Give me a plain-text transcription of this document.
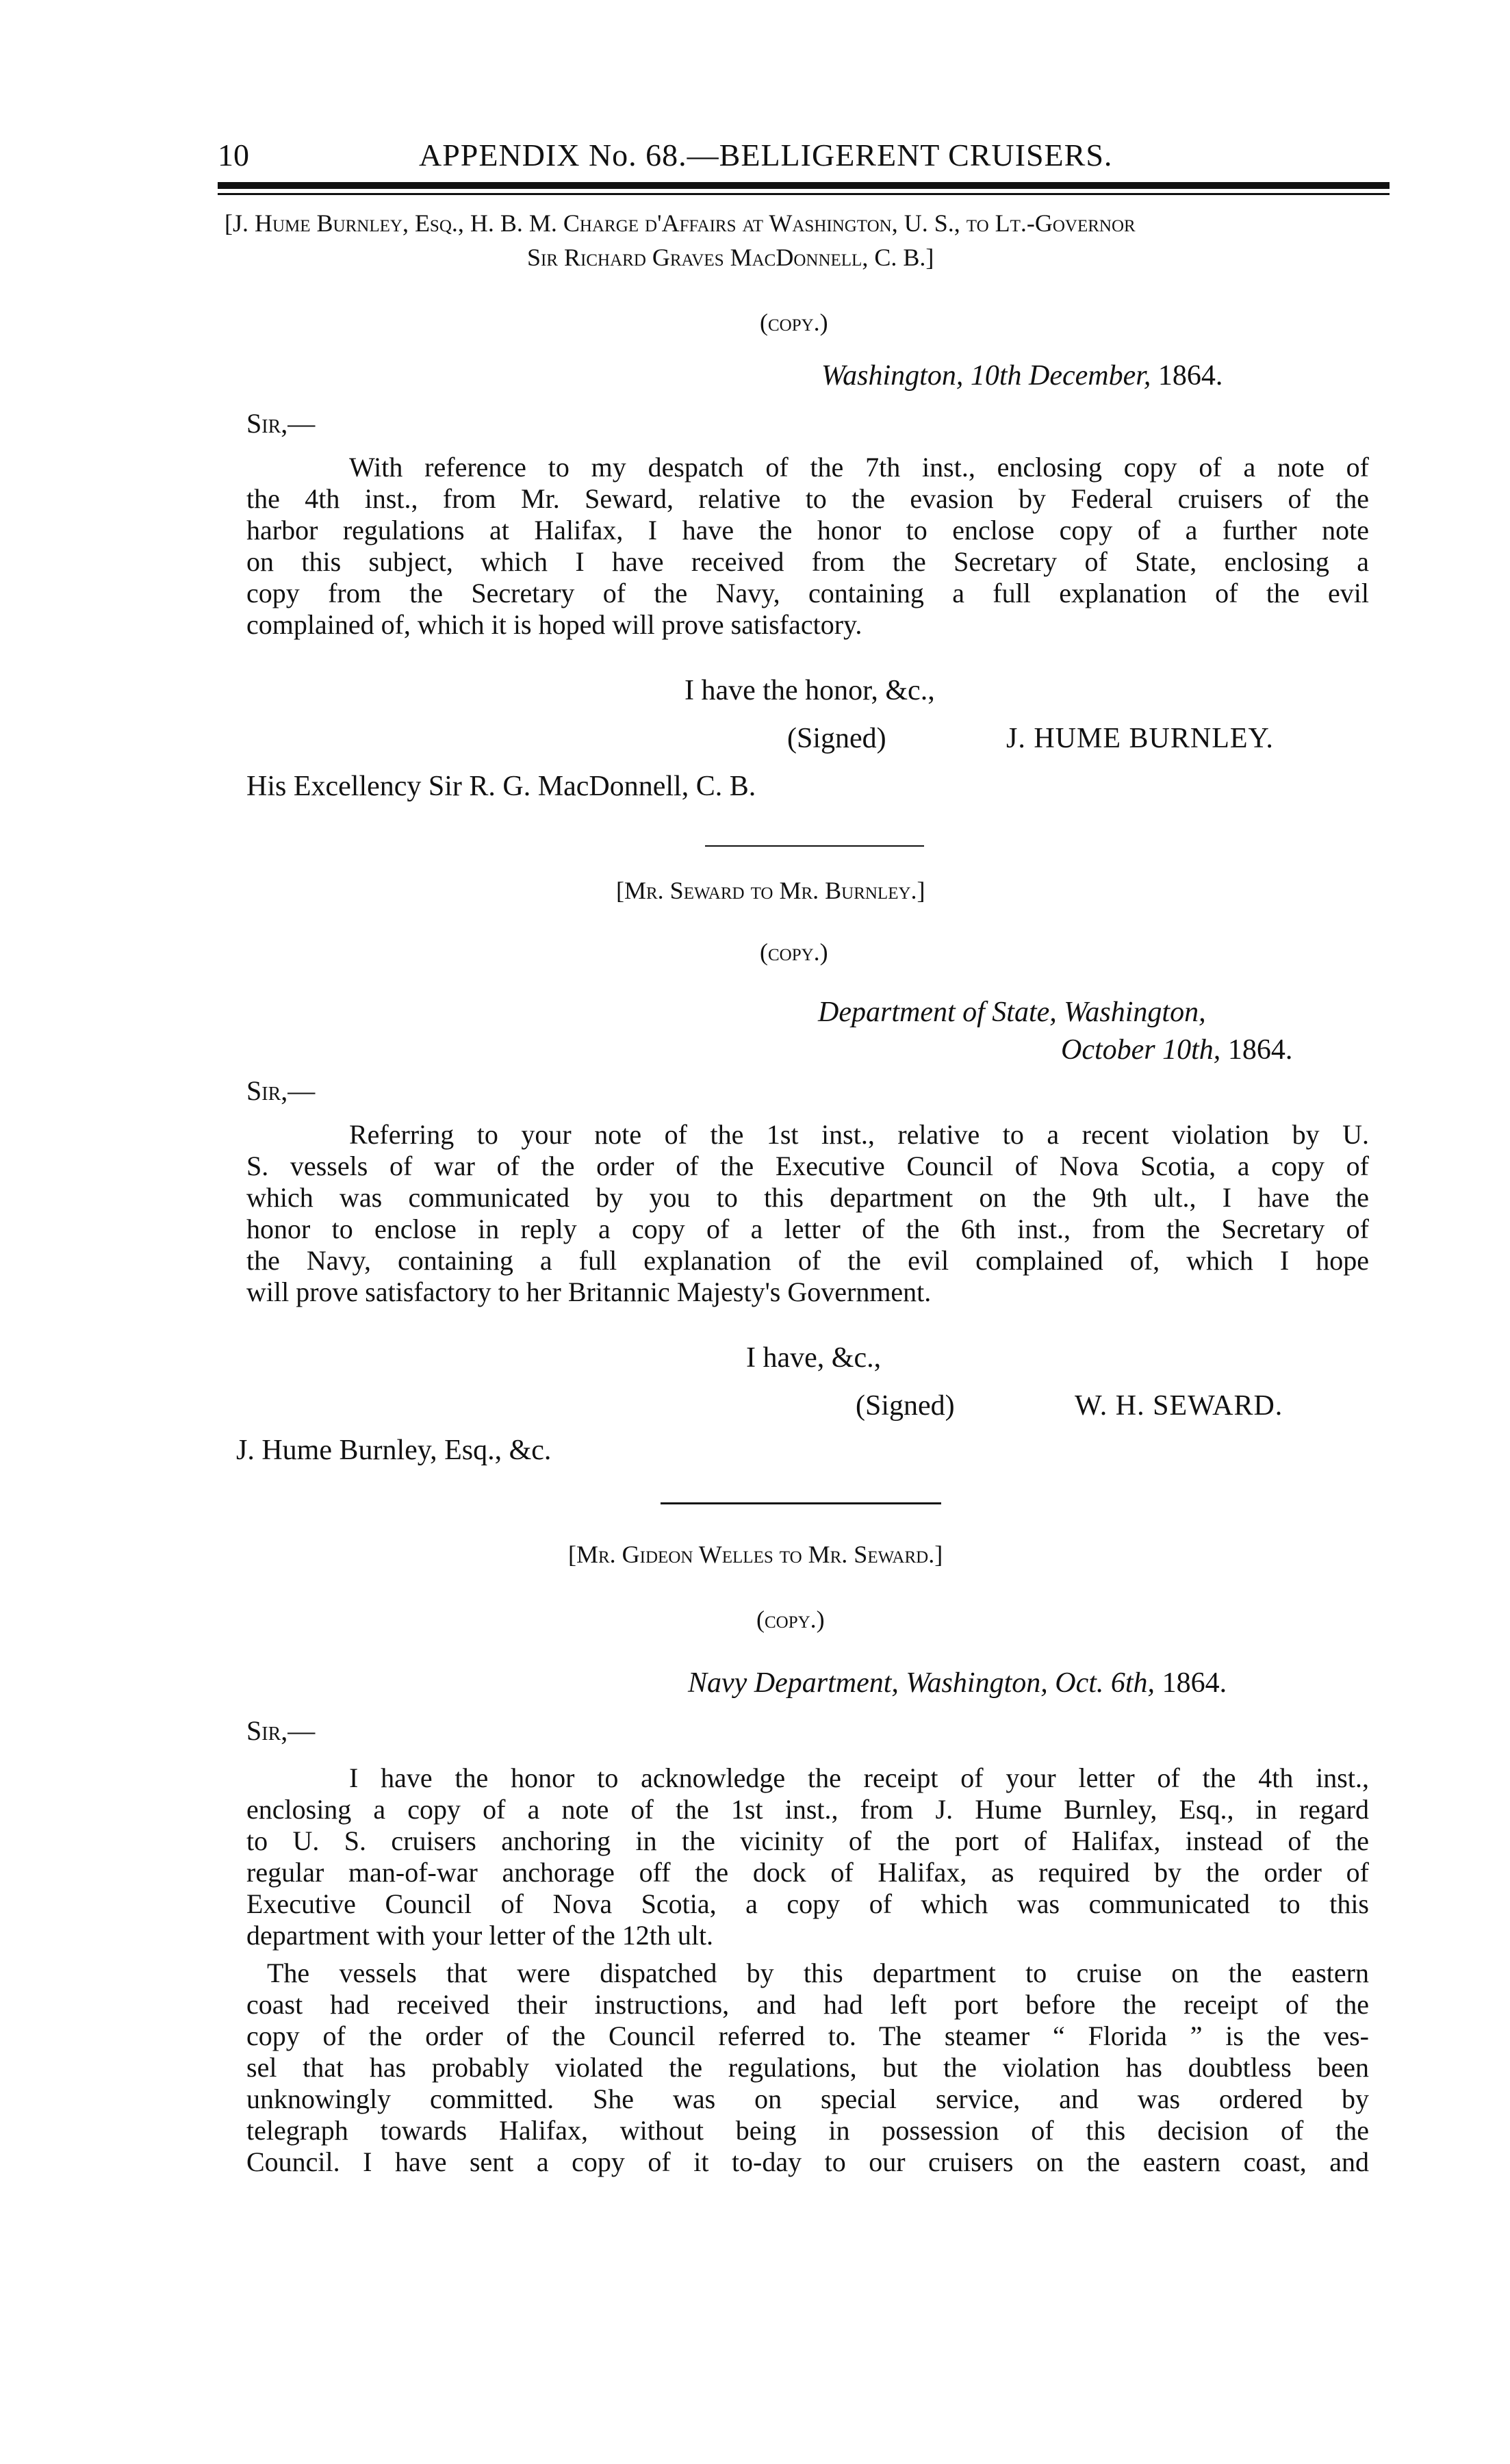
10	APPENDIX No. 68.—BELLIGERENT CRUISERS.
[J. Hume Burnley, Esq., H. B. M. Charge d'Affairs at Washington, U. S., to Lt.-Governor
Sir Richard Graves MacDonnell, C. B.]
(copy.)
Washington, 10th December, 1864.
Sir,—
With reference to my despatch of the 7th inst., enclosing copy of a note of
the 4th inst., from Mr. Seward, relative to the evasion by Federal cruisers of the
harbor regulations at Halifax, I have the honor to enclose copy of a further note
on this subject, which I have received from the Secretary of State, enclosing a
copy from the Secretary of the Navy, containing a full explanation of the evil
complained of, which it is hoped will prove satisfactory.
I have the honor, &c.,
(Signed)	J. HUME BURNLEY.
His Excellency Sir R. G. MacDonnell, C. B.
[Mr. Seward to Mr. Burnley.]
(copy.)
Department of State, Washington,
October 10th, 1864.
Sir,—
Referring to your note of the 1st inst., relative to a recent violation by U.
S. vessels of war of the order of the Executive Council of Nova Scotia, a copy of
which was communicated by you to this department on the 9th ult., I have the
honor to enclose in reply a copy of a letter of the 6th inst., from the Secretary of
the Navy, containing a full explanation of the evil complained of, which I hope
will prove satisfactory to her Britannic Majesty's Government.
I have, &c.,
(Signed)	W. H. SEWARD.
J. Hume Burnley, Esq., &c.
[Mr. Gideon Welles to Mr. Seward.]
(copy.)
Navy Department, Washington, Oct. 6th, 1864.
Sir,—
I have the honor to acknowledge the receipt of your letter of the 4th inst.,
enclosing a copy of a note of the 1st inst., from J. Hume Burnley, Esq., in regard
to U. S. cruisers anchoring in the vicinity of the port of Halifax, instead of the
regular man-of-war anchorage off the dock of Halifax, as required by the order of
Executive Council of Nova Scotia, a copy of which was communicated to this
department with your letter of the 12th ult.
The vessels that were dispatched by this department to cruise on the eastern
coast had received their instructions, and had left port before the receipt of the
copy of the order of the Council referred to. The steamer “ Florida ” is the ves-
sel that has probably violated the regulations, but the violation has doubtless been
unknowingly committed. She was on special service, and was ordered by
telegraph towards Halifax, without being in possession of this decision of the
Council. I have sent a copy of it to-day to our cruisers on the eastern coast, and
